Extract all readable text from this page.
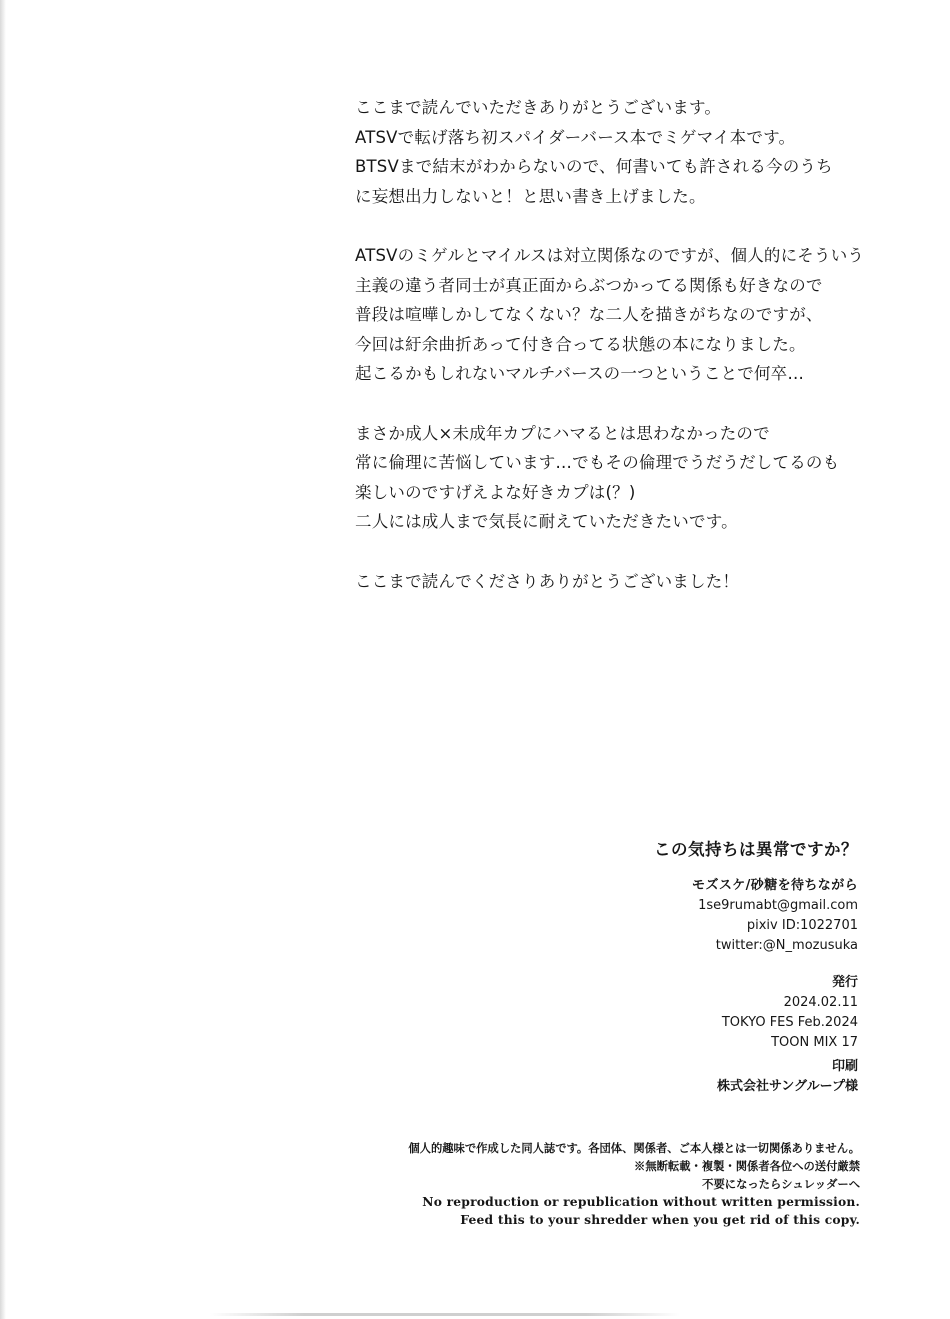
ここまで読んでいただきありがとうございます。
ATSVで転げ落ち初スパイダーバース本でミゲマイ本です。
BTSVまで結末がわからないので、何書いても許される今のうち
に妄想出力しないと！と思い書き上げました。

ATSVのミゲルとマイルスは対立関係なのですが、個人的にそういう
主義の違う者同士が真正面からぶつかってる関係も好きなので
普段は喧嘩しかしてなくない？な二人を描きがちなのですが、
今回は紆余曲折あって付き合ってる状態の本になりました。
起こるかもしれないマルチバースの一つということで何卒…

まさか成人×未成年カプにハマるとは思わなかったので
常に倫理に苦悩しています…でもその倫理でうだうだしてるのも
楽しいのですげえよな好きカプは(？)
二人には成人まで気長に耐えていただきたいです。

ここまで読んでくださりありがとうございました！

この気持ちは異常ですか？
モズスケ/砂糖を待ちながら
1se9rumabt@gmail.com
pixiv ID:1022701
twitter:@N_mozusuka
発行
2024.02.11
TOKYO FES Feb.2024
TOON MIX 17
印刷
株式会社サングループ様
個人的趣味で作成した同人誌です。各団体、関係者、ご本人様とは一切関係ありません。
※無断転載・複製・関係者各位への送付厳禁
不要になったらシュレッダーへ
No reproduction or republication without written permission.
Feed this to your shredder when you get rid of this copy.
